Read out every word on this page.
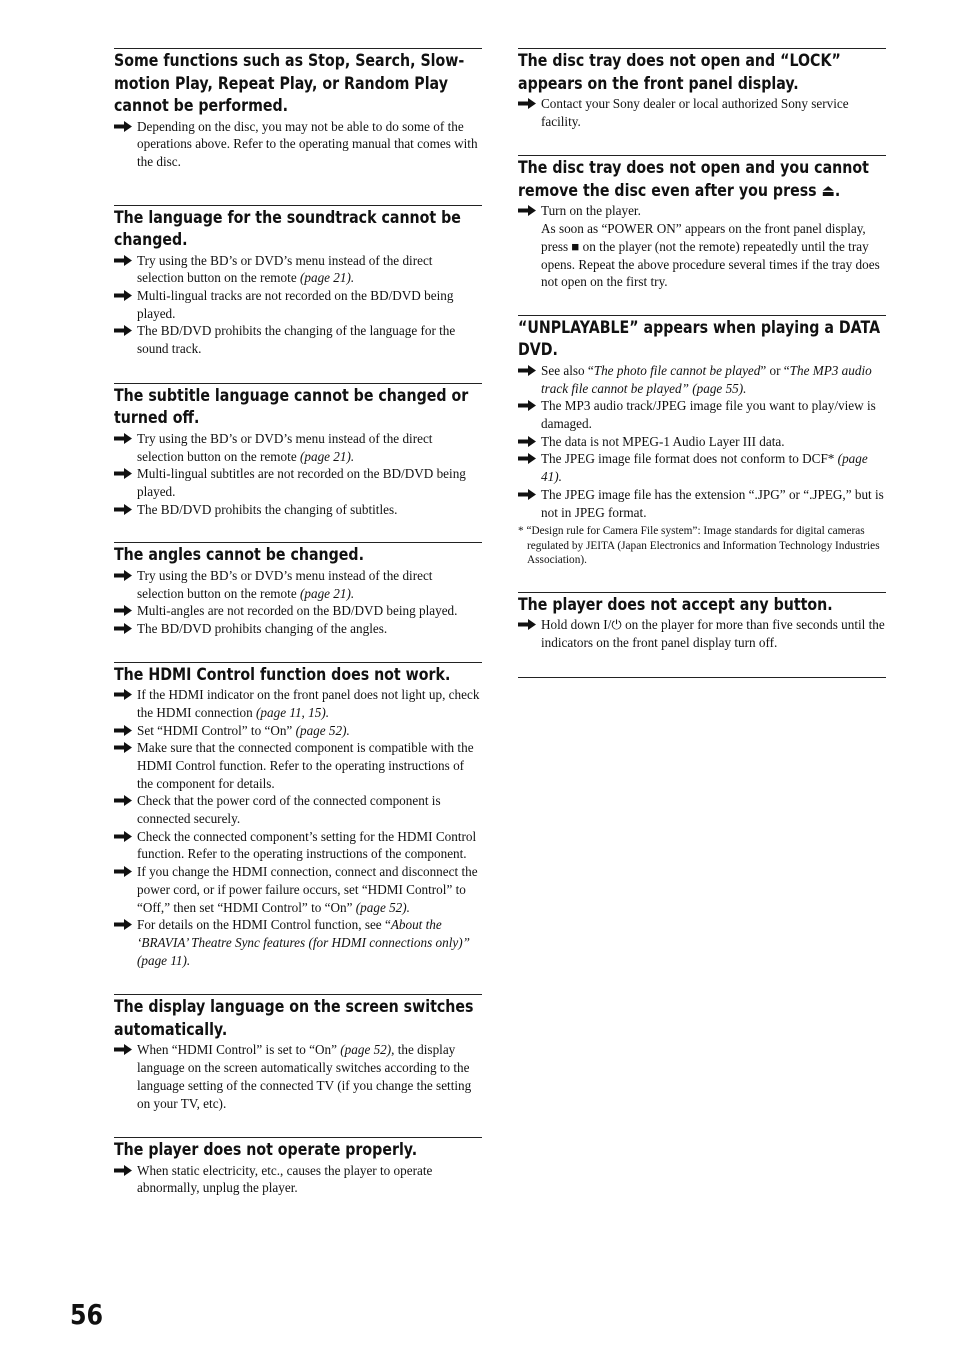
Some functions such as Stop, Search, Slow-motion Play, Repeat Play, or Random Play cannot be performed.
Depending on the disc, you may not be able to do some of the operations above. Refer to the operating manual that comes with the disc.
The language for the soundtrack cannot be changed.
Try using the BD’s or DVD’s menu instead of the direct selection button on the remote (page 21).
Multi-lingual tracks are not recorded on the BD/DVD being played.
The BD/DVD prohibits the changing of the language for the sound track.
The subtitle language cannot be changed or turned off.
Try using the BD’s or DVD’s menu instead of the direct selection button on the remote (page 21).
Multi-lingual subtitles are not recorded on the BD/DVD being played.
The BD/DVD prohibits the changing of subtitles.
The angles cannot be changed.
Try using the BD’s or DVD’s menu instead of the direct selection button on the remote (page 21).
Multi-angles are not recorded on the BD/DVD being played.
The BD/DVD prohibits changing of the angles.
The HDMI Control function does not work.
If the HDMI indicator on the front panel does not light up, check the HDMI connection (page 11, 15).
Set “HDMI Control” to “On” (page 52).
Make sure that the connected component is compatible with the HDMI Control function. Refer to the operating instructions of the component for details.
Check that the power cord of the connected component is connected securely.
Check the connected component’s setting for the HDMI Control function. Refer to the operating instructions of the component.
If you change the HDMI connection, connect and disconnect the power cord, or if power failure occurs, set “HDMI Control” to “Off,” then set “HDMI Control” to “On” (page 52).
For details on the HDMI Control function, see “About the ‘BRAVIA’ Theatre Sync features (for HDMI connections only)” (page 11).
The display language on the screen switches automatically.
When “HDMI Control” is set to “On” (page 52), the display language on the screen automatically switches according to the language setting of the connected TV (if you change the setting on your TV, etc).
The player does not operate properly.
When static electricity, etc., causes the player to operate abnormally, unplug the player.
The disc tray does not open and “LOCK” appears on the front panel display.
Contact your Sony dealer or local authorized Sony service facility.
The disc tray does not open and you cannot remove the disc even after you press ⏏.
Turn on the player.
As soon as “POWER ON” appears on the front panel display, press ■ on the player (not the remote) repeatedly until the tray opens. Repeat the above procedure several times if the tray does not open on the first try.
“UNPLAYABLE” appears when playing a DATA DVD.
See also “The photo file cannot be played” or “The MP3 audio track file cannot be played” (page 55).
The MP3 audio track/JPEG image file you want to play/view is damaged.
The data is not MPEG-1 Audio Layer III data.
The JPEG image file format does not conform to DCF* (page 41).
The JPEG image file has the extension “.JPG” or “.JPEG,” but is not in JPEG format.
* “Design rule for Camera File system”: Image standards for digital cameras regulated by JEITA (Japan Electronics and Information Technology Industries Association).
The player does not accept any button.
Hold down I/⏻ on the player for more than five seconds until the indicators on the front panel display turn off.
56
